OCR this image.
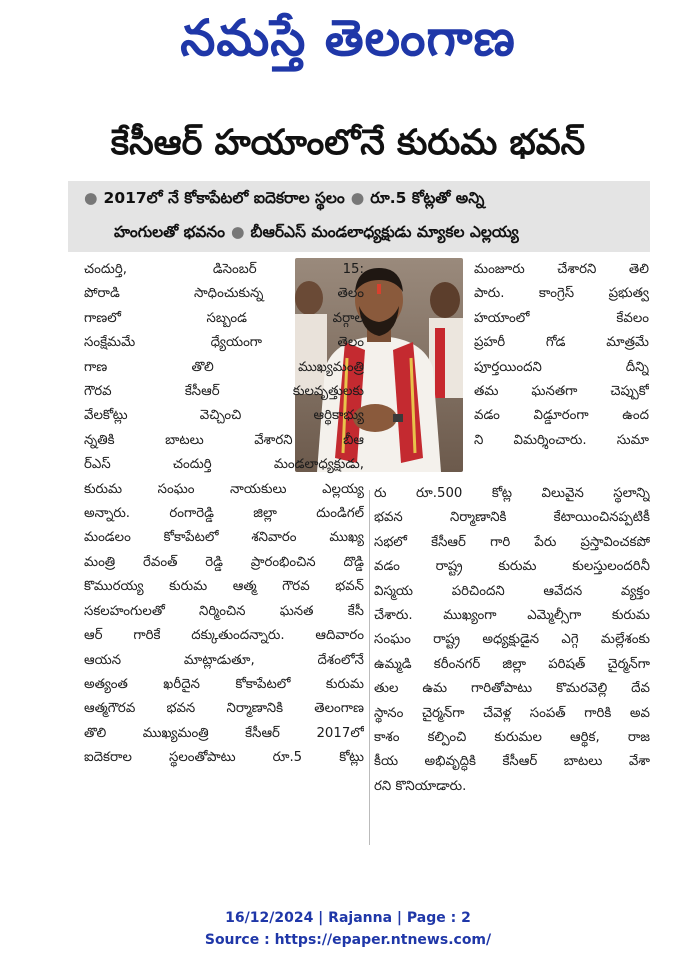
నమస్తే తెలంగాణ
కేసీఆర్ హయాంలోనే కురుమ భవన్
● 2017లో నే కోకాపేటలో ఐదెకరాల స్థలం ● రూ.5 కోట్లతో అన్ని
హంగులతో భవనం ● బీఆర్ఎస్ మండలాధ్యక్షుడు మ్యాకల ఎల్లయ్య
చందుర్తి, డిసెంబర్ 15:
పోరాడి సాధించుకున్న తెలం
గాణలో సబ్బండ వర్గాల
సంక్షేమమే ధ్యేయంగా తెలం
గాణ తొలి ముఖ్యమంత్రి
గౌరవ కేసీఆర్ కులవృత్తులకు
వేలకోట్లు వెచ్చించి ఆర్థికాభ్యు
న్నతికి బాటలు వేశారని బీఆ
ర్ఎస్ చందుర్తి మండలాధ్యక్షుడు,
కురుమ సంఘం నాయకులు ఎల్లయ్య
అన్నారు. రంగారెడ్డి జిల్లా దుండిగల్
మండలం కోకాపేటలో శనివారం ముఖ్య
మంత్రి రేవంత్ రెడ్డి ప్రారంభించిన దొడ్డి
కొమురయ్య కురుమ ఆత్మ గౌరవ భవన్
సకలహంగులతో నిర్మించిన ఘనత కేసీ
ఆర్ గారికే దక్కుతుందన్నారు. ఆదివారం
ఆయన మాట్లాడుతూ, దేశంలోనే
అత్యంత ఖరీదైన కోకాపేటలో కురుమ
ఆత్మగౌరవ భవన నిర్మాణానికి తెలంగాణ
తొలి ముఖ్యమంత్రి కేసీఆర్ 2017లో
ఐదెకరాల స్థలంతోపాటు రూ.5 కోట్లు
మంజూరు చేశారని తెలి
పారు. కాంగ్రెస్ ప్రభుత్వ
హయాంలో కేవలం
ప్రహరీ గోడ మాత్రమే
పూర్తయిందని దీన్ని
తమ ఘనతగా చెప్పుకో
వడం విడ్డూరంగా ఉంద
ని విమర్శించారు. సుమా
రు రూ.500 కోట్ల విలువైన స్థలాన్ని
భవన నిర్మాణానికి కేటాయించినప్పటికీ
సభలో కేసీఆర్ గారి పేరు ప్రస్తావించకపో
వడం రాష్ట్ర కురుమ కులస్తులందరినీ
విస్మయ పరిచిందని ఆవేదన వ్యక్తం
చేశారు. ముఖ్యంగా ఎమ్మెల్సీగా కురుమ
సంఘం రాష్ట్ర అధ్యక్షుడైన ఎగ్గె మల్లేశంకు
ఉమ్మడి కరీంనగర్ జిల్లా పరిషత్ చైర్మన్‌గా
తుల ఉమ గారితోపాటు కొమరవెల్లి దేవ
స్థానం చైర్మన్‌గా చేవెళ్ల సంపత్ గారికి అవ
కాశం కల్పించి కురుమల ఆర్థిక, రాజ
కీయ అభివృద్ధికి కేసీఆర్ బాటలు వేశా
రని కొనియాడారు.
16/12/2024 | Rajanna | Page : 2
Source : https://epaper.ntnews.com/
